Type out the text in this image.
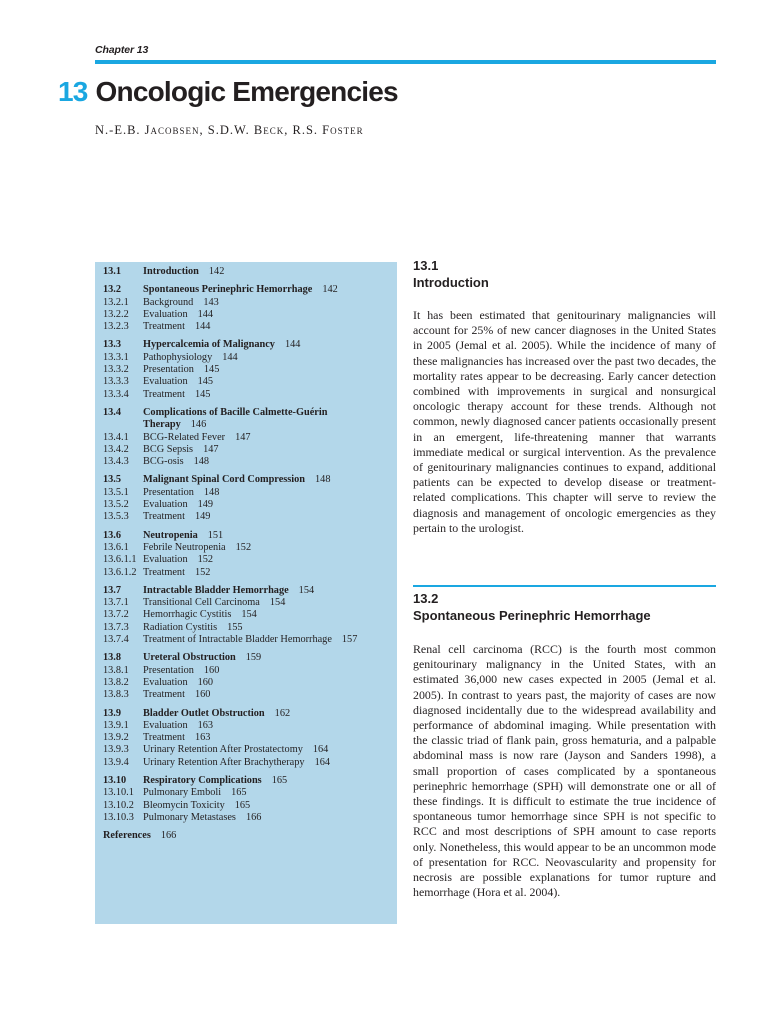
Chapter 13
13 Oncologic Emergencies
N.-E.B. Jacobsen, S.D.W. Beck, R.S. Foster
13.1	Introduction 142
13.2	Spontaneous Perinephric Hemorrhage 142
13.2.1	Background 143
13.2.2	Evaluation 144
13.2.3	Treatment 144
13.3	Hypercalcemia of Malignancy 144
13.3.1	Pathophysiology 144
13.3.2	Presentation 145
13.3.3	Evaluation 145
13.3.4	Treatment 145
13.4	Complications of Bacille Calmette-Guérin
Therapy 146
13.4.1	BCG-Related Fever 147
13.4.2	BCG Sepsis 147
13.4.3	BCG-osis 148
13.5	Malignant Spinal Cord Compression 148
13.5.1	Presentation 148
13.5.2	Evaluation 149
13.5.3	Treatment 149
13.6	Neutropenia 151
13.6.1	Febrile Neutropenia 152
13.6.1.1 Evaluation 152
13.6.1.2 Treatment 152
13.7	Intractable Bladder Hemorrhage 154
13.7.1	Transitional Cell Carcinoma 154
13.7.2	Hemorrhagic Cystitis 154
13.7.3	Radiation Cystitis 155
13.7.4	Treatment of Intractable Bladder Hemorrhage 157
13.8	Ureteral Obstruction 159
13.8.1	Presentation 160
13.8.2	Evaluation 160
13.8.3	Treatment 160
13.9	Bladder Outlet Obstruction 162
13.9.1	Evaluation 163
13.9.2	Treatment 163
13.9.3	Urinary Retention After Prostatectomy 164
13.9.4	Urinary Retention After Brachytherapy 164
13.10	Respiratory Complications 165
13.10.1 Pulmonary Emboli 165
13.10.2 Bleomycin Toxicity 165
13.10.3 Pulmonary Metastases 166
References 166
13.1
Introduction

It has been estimated that genitourinary malignancies will account for 25% of new cancer diagnoses in the United States in 2005 (Jemal et al. 2005). While the incidence of many of these malignancies has increased over the past two decades, the mortality rates appear to be decreasing. Early cancer detection combined with improvements in surgical and nonsurgical oncologic therapy account for these trends. Although not common, newly diagnosed cancer patients occasionally present in an emergent, life-threatening manner that warrants immediate medical or surgical intervention. As the prevalence of genitourinary malignancies continues to expand, additional patients can be expected to develop disease or treatment-related complications. This chapter will serve to review the diagnosis and management of oncologic emergencies as they pertain to the urologist.

13.2
Spontaneous Perinephric Hemorrhage

Renal cell carcinoma (RCC) is the fourth most common genitourinary malignancy in the United States, with an estimated 36,000 new cases expected in 2005 (Jemal et al. 2005). In contrast to years past, the majority of cases are now diagnosed incidentally due to the widespread availability and performance of abdominal imaging. While presentation with the classic triad of flank pain, gross hematuria, and a palpable abdominal mass is now rare (Jayson and Sanders 1998), a small proportion of cases complicated by a spontaneous perinephric hemorrhage (SPH) will demonstrate one or all of these findings. It is difficult to estimate the true incidence of spontaneous tumor hemorrhage since SPH is not specific to RCC and most descriptions of SPH amount to case reports only. Nonetheless, this would appear to be an uncommon mode of presentation for RCC. Neovascularity and propensity for necrosis are possible explanations for tumor rupture and hemorrhage (Hora et al. 2004).
